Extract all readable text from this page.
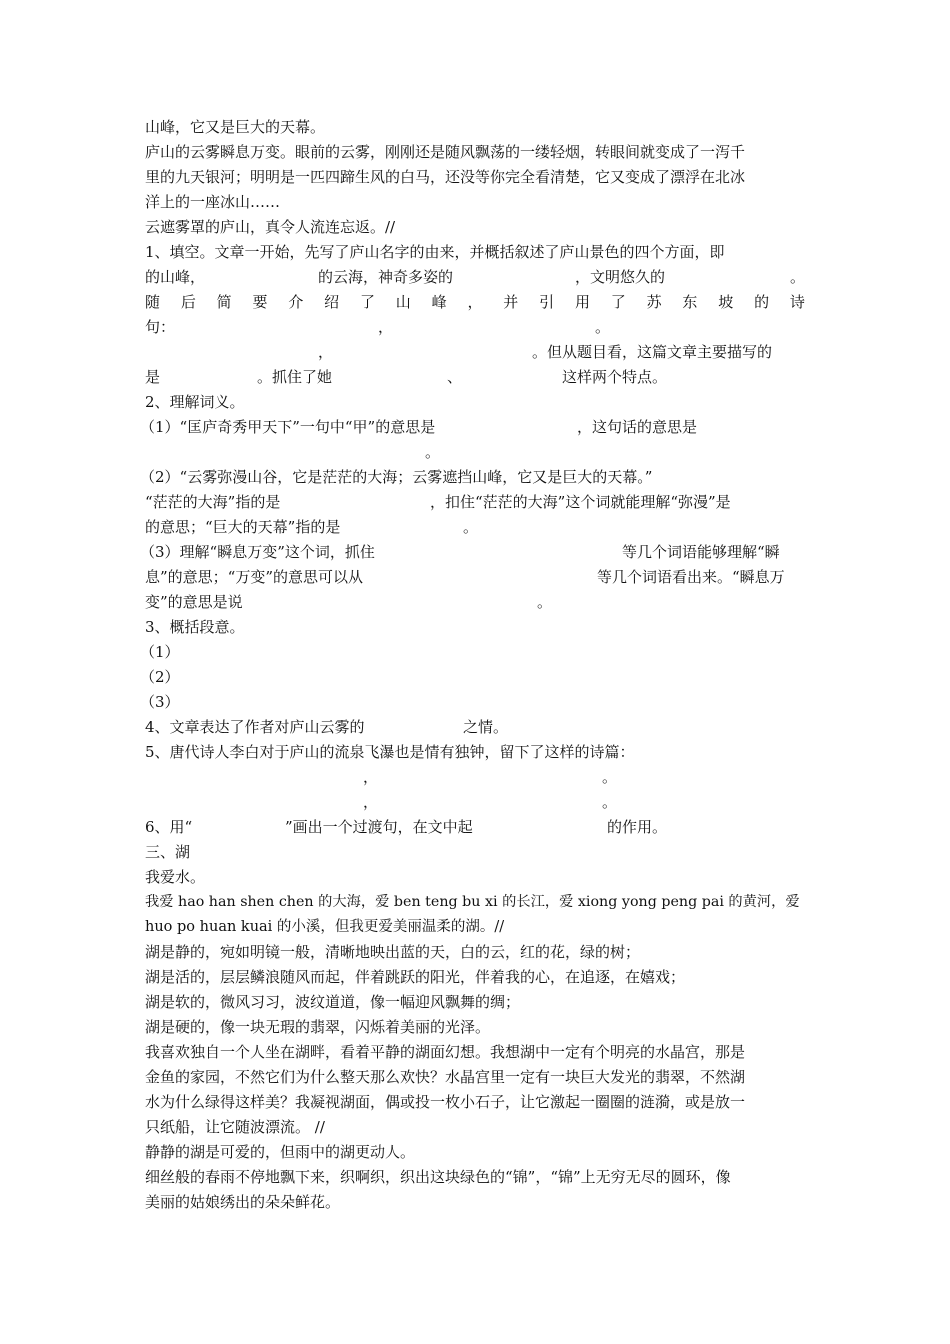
山峰，它又是巨大的天幕。
庐山的云雾瞬息万变。眼前的云雾，刚刚还是随风飘荡的一缕轻烟，转眼间就变成了一泻千
里的九天银河；明明是一匹四蹄生风的白马，还没等你完全看清楚，它又变成了漂浮在北冰
洋上的一座冰山……
云遮雾罩的庐山，真令人流连忘返。//
1、填空。文章一开始，先写了庐山名字的由来，并概括叙述了庐山景色的四个方面，即
的山峰，	的云海，神奇多姿的	，文明悠久的	。
随 后 简 要 介 绍 了 山 峰 ， 并 引 用 了 苏 东 坡 的 诗
句：	，	。
，	。但从题目看，这篇文章主要描写的
是	。抓住了她	、	这样两个特点。
2、理解词义。
（1）“匡庐奇秀甲天下”一句中“甲”的意思是	，这句话的意思是
。
（2）“云雾弥漫山谷，它是茫茫的大海；云雾遮挡山峰，它又是巨大的天幕。”
“茫茫的大海”指的是	，扣住“茫茫的大海”这个词就能理解“弥漫”是
的意思；“巨大的天幕”指的是	。
（3）理解“瞬息万变”这个词，抓住	等几个词语能够理解“瞬
息”的意思；“万变”的意思可以从	等几个词语看出来。“瞬息万
变”的意思是说	。
3、概括段意。
（1）
（2）
（3）
4、文章表达了作者对庐山云雾的	之情。
5、唐代诗人李白对于庐山的流泉飞瀑也是情有独钟，留下了这样的诗篇：
，	。
，	。
6、用“	”画出一个过渡句，在文中起	的作用。
三、湖
我爱水。
我爱 hao han shen chen 的大海，爱 ben teng bu xi 的长江，爱 xiong yong peng pai 的黄河，爱
huo po huan kuai 的小溪，但我更爱美丽温柔的湖。//
湖是静的，宛如明镜一般，清晰地映出蓝的天，白的云，红的花，绿的树；
湖是活的，层层鳞浪随风而起，伴着跳跃的阳光，伴着我的心，在追逐，在嬉戏；
湖是软的，微风习习，波纹道道，像一幅迎风飘舞的绸；
湖是硬的，像一块无瑕的翡翠，闪烁着美丽的光泽。
我喜欢独自一个人坐在湖畔，看着平静的湖面幻想。我想湖中一定有个明亮的水晶宫，那是
金鱼的家园，不然它们为什么整天那么欢快？水晶宫里一定有一块巨大发光的翡翠，不然湖
水为什么绿得这样美？我凝视湖面，偶或投一枚小石子，让它激起一圈圈的涟漪，或是放一
只纸船，让它随波漂流。 //
静静的湖是可爱的，但雨中的湖更动人。
细丝般的春雨不停地飘下来，织啊织，织出这块绿色的“锦”，“锦”上无穷无尽的圆环，像
美丽的姑娘绣出的朵朵鲜花。
